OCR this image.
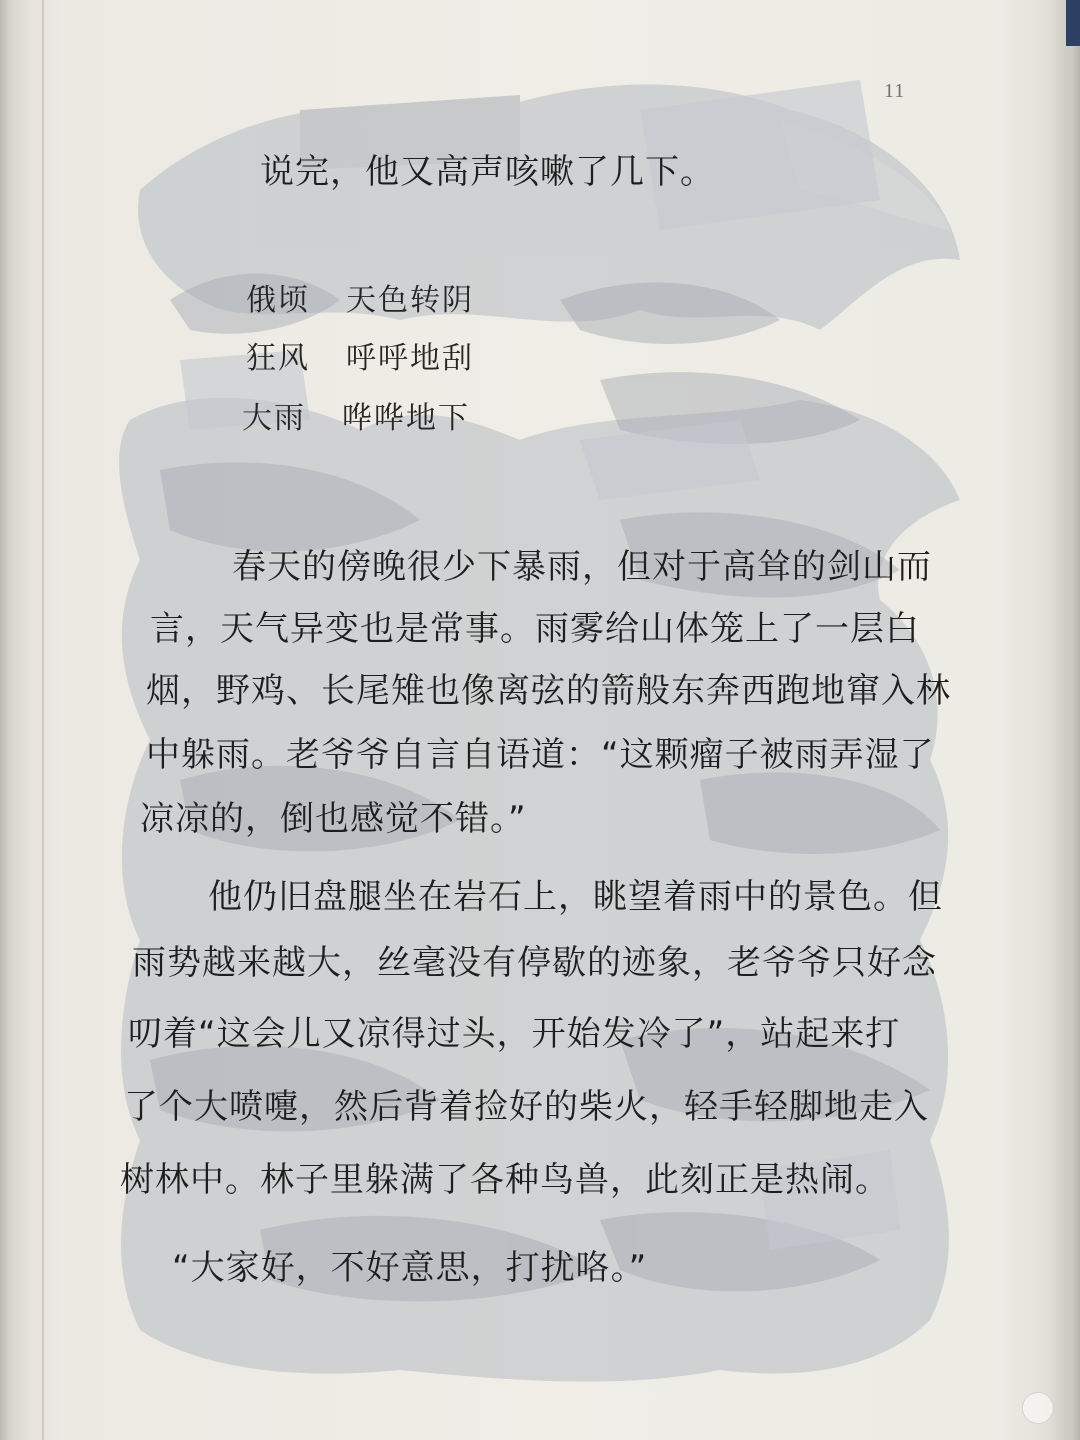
11
说完，他又高声咳嗽了几下。
俄顷 天色转阴
狂风 呼呼地刮
大雨 哗哗地下
春天的傍晚很少下暴雨，但对于高耸的剑山而
言，天气异变也是常事。雨雾给山体笼上了一层白
烟，野鸡、长尾雉也像离弦的箭般东奔西跑地窜入林
中躲雨。老爷爷自言自语道：“这颗瘤子被雨弄湿了
凉凉的，倒也感觉不错。”
他仍旧盘腿坐在岩石上，眺望着雨中的景色。但
雨势越来越大，丝毫没有停歇的迹象，老爷爷只好念
叨着“这会儿又凉得过头，开始发冷了”，站起来打
了个大喷嚏，然后背着捡好的柴火，轻手轻脚地走入
树林中。林子里躲满了各种鸟兽，此刻正是热闹。
“大家好，不好意思，打扰咯。”
